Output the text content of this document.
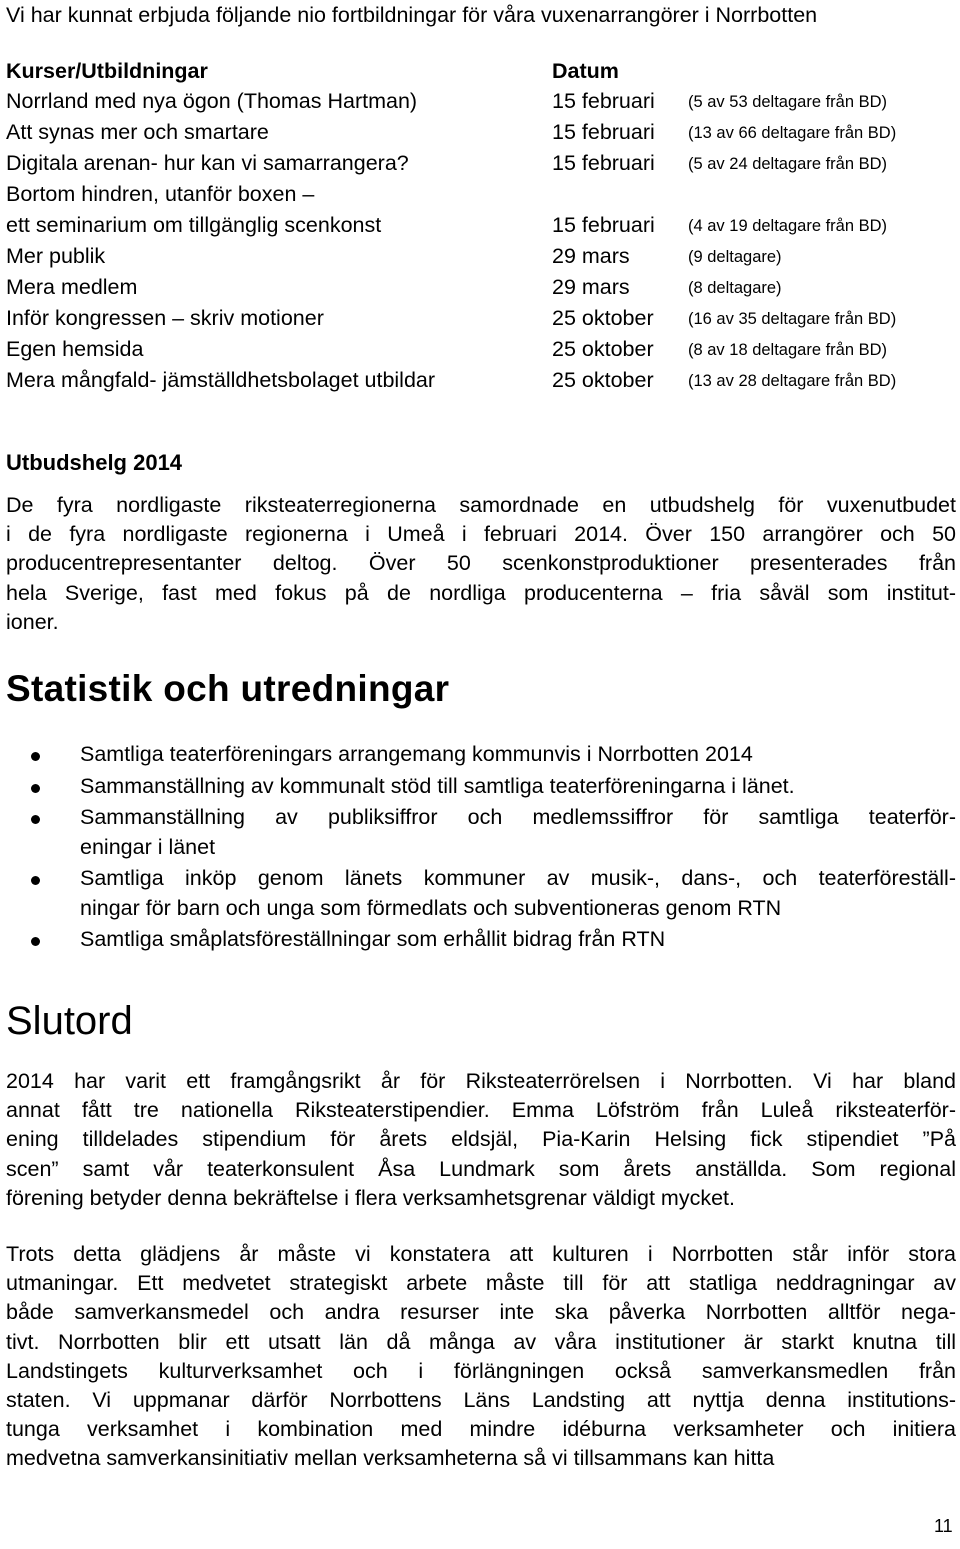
Vi har kunnat erbjuda följande nio fortbildningar för våra vuxenarrangörer i Norrbotten
Kurser/Utbildningar	Datum
Norrland med nya ögon (Thomas Hartman)	15 februari (5 av 53 deltagare från BD)
Att synas mer och smartare	15 februari (13 av 66 deltagare från BD)
Digitala arenan- hur kan vi samarrangera?	15 februari (5 av 24 deltagare från BD)
Bortom hindren, utanför boxen –
ett seminarium om tillgänglig scenkonst	15 februari (4 av 19 deltagare från BD)
Mer publik	29 mars	(9 deltagare)
Mera medlem	29 mars	(8 deltagare)
Inför kongressen – skriv motioner	25 oktober (16 av 35 deltagare från BD)
Egen hemsida	25 oktober (8 av 18 deltagare från BD)
Mera mångfald- jämställdhetsbolaget utbildar	25 oktober (13 av 28 deltagare från BD)
Utbudshelg 2014
De fyra nordligaste riksteaterregionerna samordnade en utbudshelg för vuxenutbudet
i de fyra nordligaste regionerna i Umeå i februari 2014. Över 150 arrangörer och 50
producentrepresentanter deltog. Över 50 scenkonstproduktioner presenterades från
hela Sverige, fast med fokus på de nordliga producenterna – fria såväl som institut-
ioner.
Statistik och utredningar
Samtliga teaterföreningars arrangemang kommunvis i Norrbotten 2014
Sammanställning av kommunalt stöd till samtliga teaterföreningarna i länet.
Sammanställning av publiksiffror och medlemssiffror för samtliga teaterför-
eningar i länet
Samtliga inköp genom länets kommuner av musik-, dans-, och teaterföreställ-
ningar för barn och unga som förmedlats och subventioneras genom RTN
Samtliga småplatsföreställningar som erhållit bidrag från RTN
Slutord
2014 har varit ett framgångsrikt år för Riksteaterrörelsen i Norrbotten. Vi har bland
annat fått tre nationella Riksteaterstipendier. Emma Löfström från Luleå riksteaterför-
ening tilldelades stipendium för årets eldsjäl, Pia-Karin Helsing fick stipendiet ”På
scen” samt vår teaterkonsulent Åsa Lundmark som årets anställda. Som regional
förening betyder denna bekräftelse i flera verksamhetsgrenar väldigt mycket.
Trots detta glädjens år måste vi konstatera att kulturen i Norrbotten står inför stora
utmaningar. Ett medvetet strategiskt arbete måste till för att statliga neddragningar av
både samverkansmedel och andra resurser inte ska påverka Norrbotten alltför nega-
tivt. Norrbotten blir ett utsatt län då många av våra institutioner är starkt knutna till
Landstingets kulturverksamhet och i förlängningen också samverkansmedlen från
staten. Vi uppmanar därför Norrbottens Läns Landsting att nyttja denna institutions-
tunga verksamhet i kombination med mindre idéburna verksamheter och initiera
medvetna samverkansinitiativ mellan verksamheterna så vi tillsammans kan hitta
11
